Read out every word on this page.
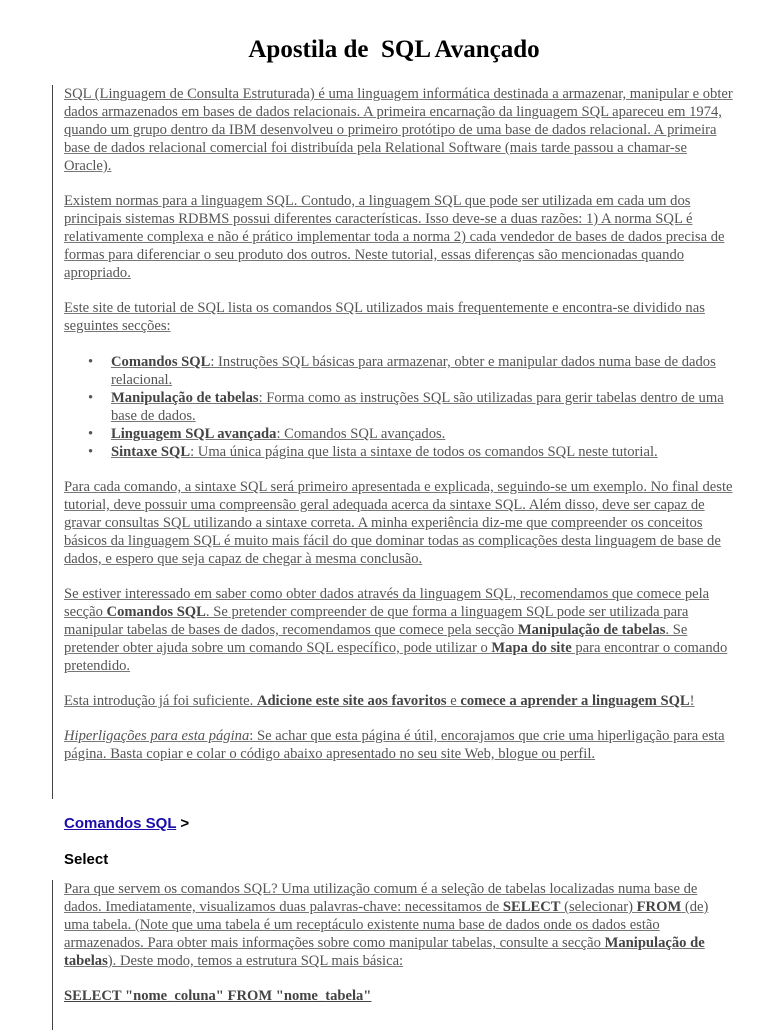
Apostila de  SQL Avançado

SQL (Linguagem de Consulta Estruturada) é uma linguagem informática destinada a armazenar, manipular e obter dados armazenados em bases de dados relacionais. A primeira encarnação da linguagem SQL apareceu em 1974, quando um grupo dentro da IBM desenvolveu o primeiro protótipo de uma base de dados relacional. A primeira base de dados relacional comercial foi distribuída pela Relational Software (mais tarde passou a chamar-se Oracle).

Existem normas para a linguagem SQL. Contudo, a linguagem SQL que pode ser utilizada em cada um dos principais sistemas RDBMS possui diferentes características. Isso deve-se a duas razões: 1) A norma SQL é relativamente complexa e não é prático implementar toda a norma 2) cada vendedor de bases de dados precisa de formas para diferenciar o seu produto dos outros. Neste tutorial, essas diferenças são mencionadas quando apropriado.

Este site de tutorial de SQL lista os comandos SQL utilizados mais frequentemente e encontra-se dividido nas seguintes secções:

• Comandos SQL: Instruções SQL básicas para armazenar, obter e manipular dados numa base de dados relacional.
• Manipulação de tabelas: Forma como as instruções SQL são utilizadas para gerir tabelas dentro de uma base de dados.
• Linguagem SQL avançada: Comandos SQL avançados.
• Sintaxe SQL: Uma única página que lista a sintaxe de todos os comandos SQL neste tutorial.

Para cada comando, a sintaxe SQL será primeiro apresentada e explicada, seguindo-se um exemplo. No final deste tutorial, deve possuir uma compreensão geral adequada acerca da sintaxe SQL. Além disso, deve ser capaz de gravar consultas SQL utilizando a sintaxe correta. A minha experiência diz-me que compreender os conceitos básicos da linguagem SQL é muito mais fácil do que dominar todas as complicações desta linguagem de base de dados, e espero que seja capaz de chegar à mesma conclusão.

Se estiver interessado em saber como obter dados através da linguagem SQL, recomendamos que comece pela secção Comandos SQL. Se pretender compreender de que forma a linguagem SQL pode ser utilizada para manipular tabelas de bases de dados, recomendamos que comece pela secção Manipulação de tabelas. Se pretender obter ajuda sobre um comando SQL específico, pode utilizar o Mapa do site para encontrar o comando pretendido.

Esta introdução já foi suficiente. Adicione este site aos favoritos e comece a aprender a linguagem SQL!

Hiperligações para esta página: Se achar que esta página é útil, encorajamos que crie uma hiperligação para esta página. Basta copiar e colar o código abaixo apresentado no seu site Web, blogue ou perfil.

Comandos SQL >
Select

Para que servem os comandos SQL? Uma utilização comum é a seleção de tabelas localizadas numa base de dados. Imediatamente, visualizamos duas palavras-chave: necessitamos de SELECT (selecionar) FROM (de) uma tabela. (Note que uma tabela é um receptáculo existente numa base de dados onde os dados estão armazenados. Para obter mais informações sobre como manipular tabelas, consulte a secção Manipulação de tabelas). Deste modo, temos a estrutura SQL mais básica:

SELECT "nome_coluna" FROM "nome_tabela"
